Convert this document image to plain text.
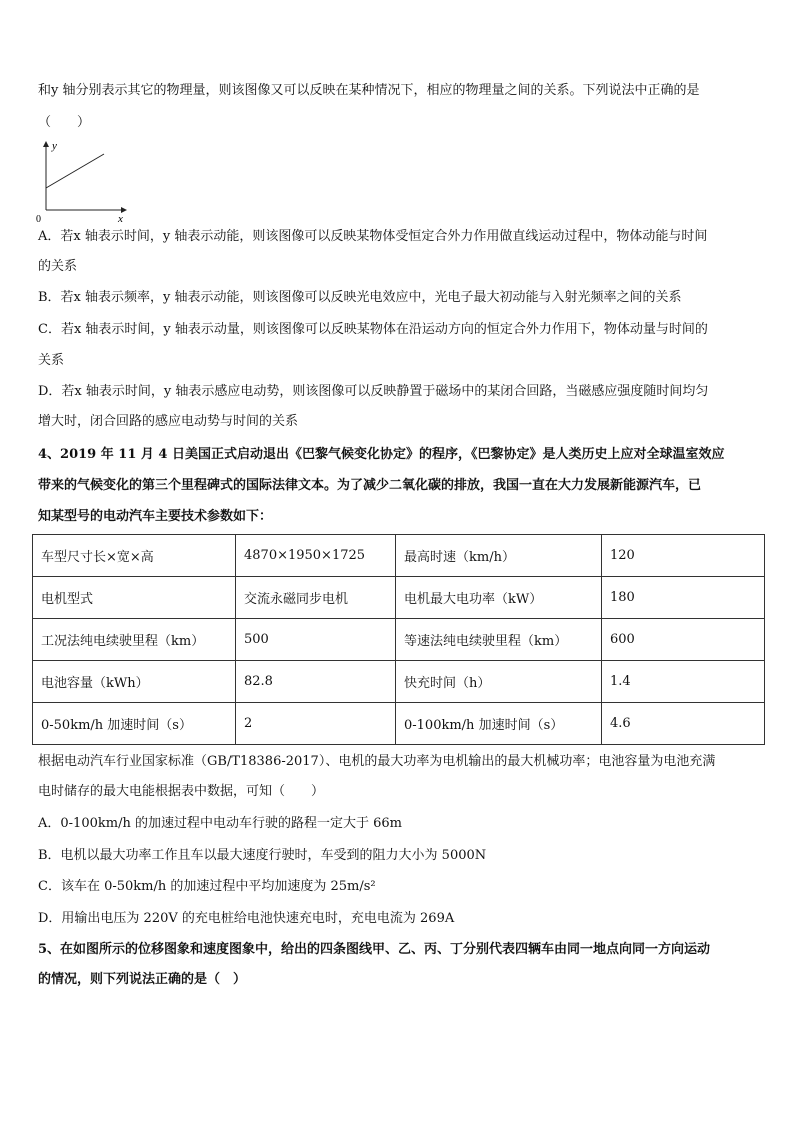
和y 轴分别表示其它的物理量，则该图像又可以反映在某种情况下，相应的物理量之间的关系。下列说法中正确的是
（　　）
y
x
0
A．若x 轴表示时间，y 轴表示动能，则该图像可以反映某物体受恒定合外力作用做直线运动过程中，物体动能与时间
的关系
B．若x 轴表示频率，y 轴表示动能，则该图像可以反映光电效应中，光电子最大初动能与入射光频率之间的关系
C．若x 轴表示时间，y 轴表示动量，则该图像可以反映某物体在沿运动方向的恒定合外力作用下，物体动量与时间的
关系
D．若x 轴表示时间，y 轴表示感应电动势，则该图像可以反映静置于磁场中的某闭合回路，当磁感应强度随时间均匀
增大时，闭合回路的感应电动势与时间的关系
4、2019 年 11 月 4 日美国正式启动退出《巴黎气候变化协定》的程序，《巴黎协定》是人类历史上应对全球温室效应
带来的气候变化的第三个里程碑式的国际法律文本。为了减少二氧化碳的排放，我国一直在大力发展新能源汽车，已
知某型号的电动汽车主要技术参数如下：
车型尺寸长×宽×高	4870×1950×1725	最高时速（km/h）	120
电机型式	交流永磁同步电机	电机最大电功率（kW）	180
工况法纯电续驶里程（km）	500	等速法纯电续驶里程（km）	600
电池容量（kWh）	82.8	快充时间（h）	1.4
0-50km/h 加速时间（s）	2	0-100km/h 加速时间（s）	4.6
根据电动汽车行业国家标准（GB/T18386-2017）、电机的最大功率为电机输出的最大机械功率；电池容量为电池充满
电时储存的最大电能根据表中数据，可知（　　）
A．0-100km/h 的加速过程中电动车行驶的路程一定大于 66m
B．电机以最大功率工作且车以最大速度行驶时，车受到的阻力大小为 5000N
C．该车在 0-50km/h 的加速过程中平均加速度为 25m/s²
D．用输出电压为 220V 的充电桩给电池快速充电时，充电电流为 269A
5、在如图所示的位移图象和速度图象中，给出的四条图线甲、乙、丙、丁分别代表四辆车由同一地点向同一方向运动
的情况，则下列说法正确的是（　）
